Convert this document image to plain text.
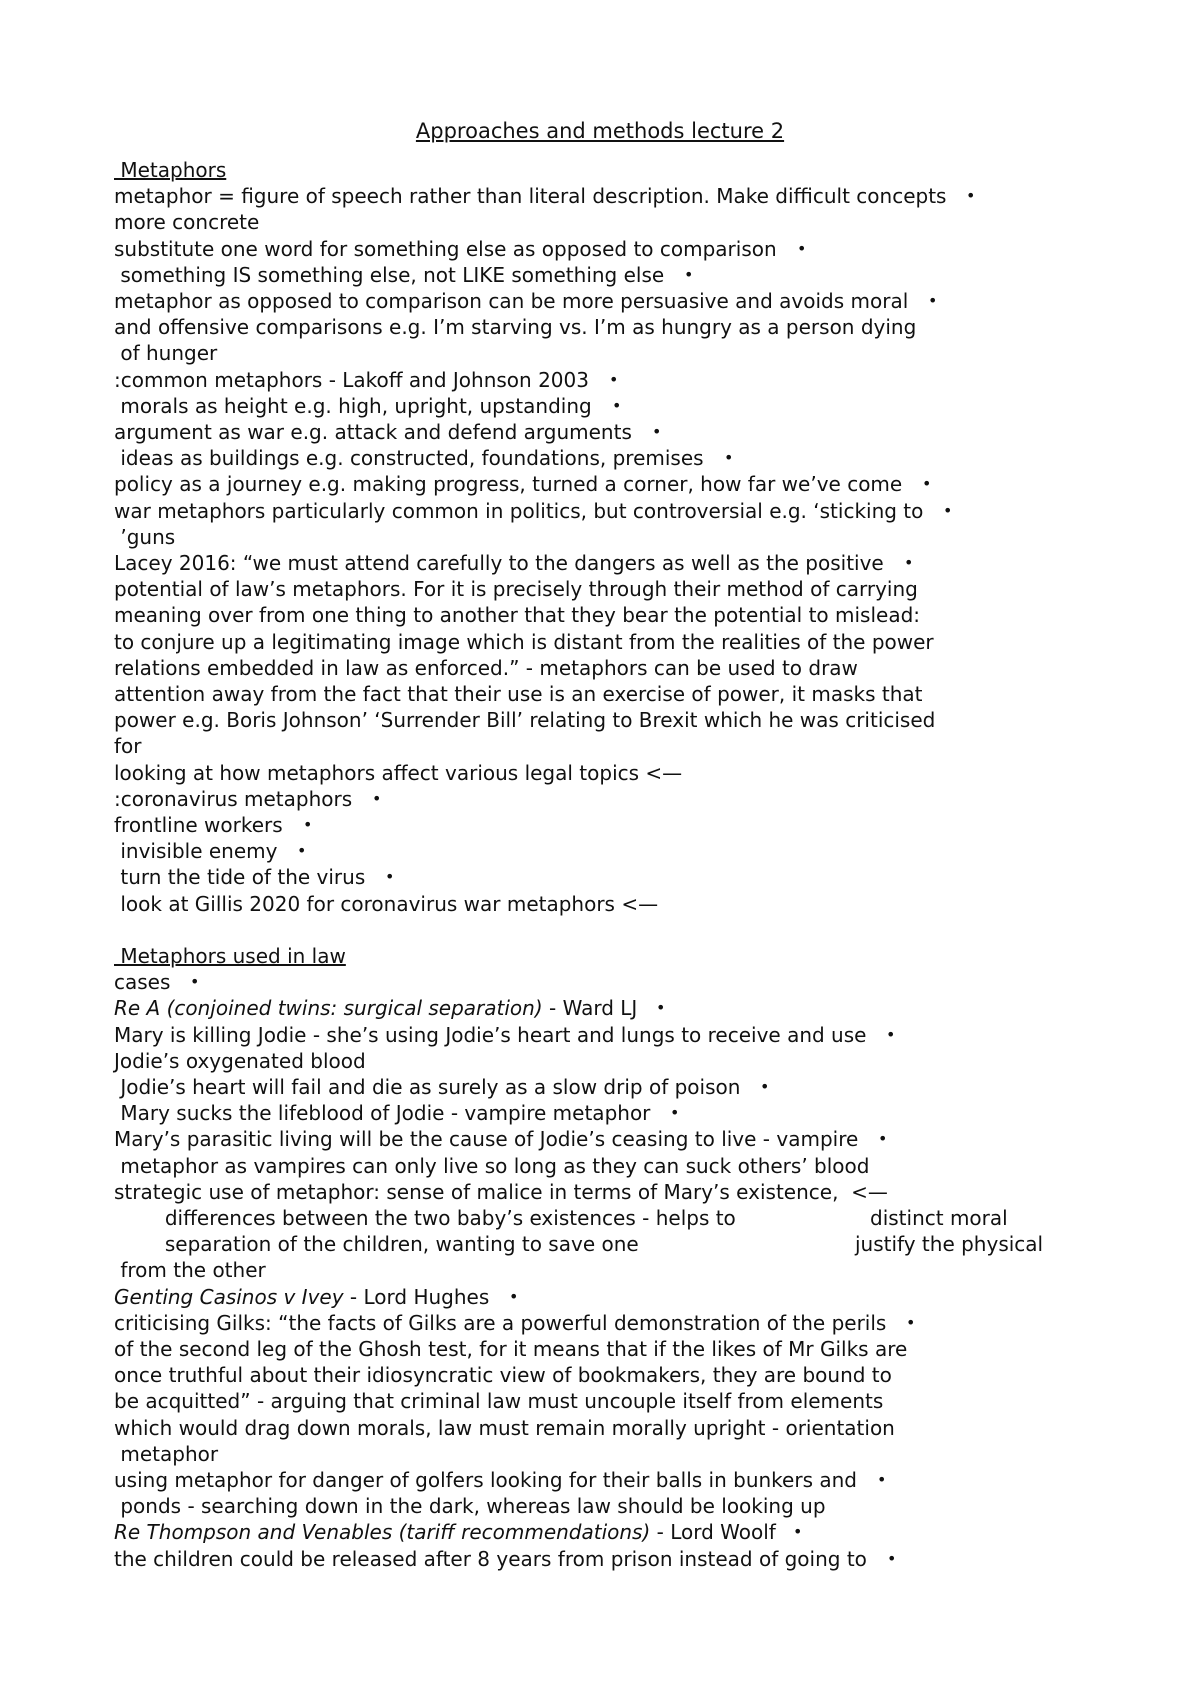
Approaches and methods lecture 2
Metaphors
metaphor = figure of speech rather than literal description. Make difficult concepts •
more concrete
substitute one word for something else as opposed to comparison •
something IS something else, not LIKE something else •
metaphor as opposed to comparison can be more persuasive and avoids moral •
and offensive comparisons e.g. I’m starving vs. I’m as hungry as a person dying
of hunger
:common metaphors - Lakoff and Johnson 2003 •
morals as height e.g. high, upright, upstanding •
argument as war e.g. attack and defend arguments •
ideas as buildings e.g. constructed, foundations, premises •
policy as a journey e.g. making progress, turned a corner, how far we’ve come •
war metaphors particularly common in politics, but controversial e.g. ‘sticking to •
’guns
Lacey 2016: “we must attend carefully to the dangers as well as the positive •
potential of law’s metaphors. For it is precisely through their method of carrying
meaning over from one thing to another that they bear the potential to mislead:
to conjure up a legitimating image which is distant from the realities of the power
relations embedded in law as enforced.” - metaphors can be used to draw
attention away from the fact that their use is an exercise of power, it masks that
power e.g. Boris Johnson’ ‘Surrender Bill’ relating to Brexit which he was criticised
for
looking at how metaphors affect various legal topics <—
:coronavirus metaphors •
frontline workers •
invisible enemy •
turn the tide of the virus •
look at Gillis 2020 for coronavirus war metaphors <—
Metaphors used in law
cases •
Re A (conjoined twins: surgical separation) - Ward LJ •
Mary is killing Jodie - she’s using Jodie’s heart and lungs to receive and use •
Jodie’s oxygenated blood
Jodie’s heart will fail and die as surely as a slow drip of poison •
Mary sucks the lifeblood of Jodie - vampire metaphor •
Mary’s parasitic living will be the cause of Jodie’s ceasing to live - vampire •
metaphor as vampires can only live so long as they can suck others’ blood
strategic use of metaphor: sense of malice in terms of Mary’s existence,  <—
differences between the two baby’s existences - helps to	distinct moral
separation of the children, wanting to save one	justify the physical
from the other
Genting Casinos v Ivey - Lord Hughes •
criticising Gilks: “the facts of Gilks are a powerful demonstration of the perils •
of the second leg of the Ghosh test, for it means that if the likes of Mr Gilks are
once truthful about their idiosyncratic view of bookmakers, they are bound to
be acquitted” - arguing that criminal law must uncouple itself from elements
which would drag down morals, law must remain morally upright - orientation
metaphor
using metaphor for danger of golfers looking for their balls in bunkers and •
ponds - searching down in the dark, whereas law should be looking up
Re Thompson and Venables (tariff recommendations) - Lord Woolf •
the children could be released after 8 years from prison instead of going to •
